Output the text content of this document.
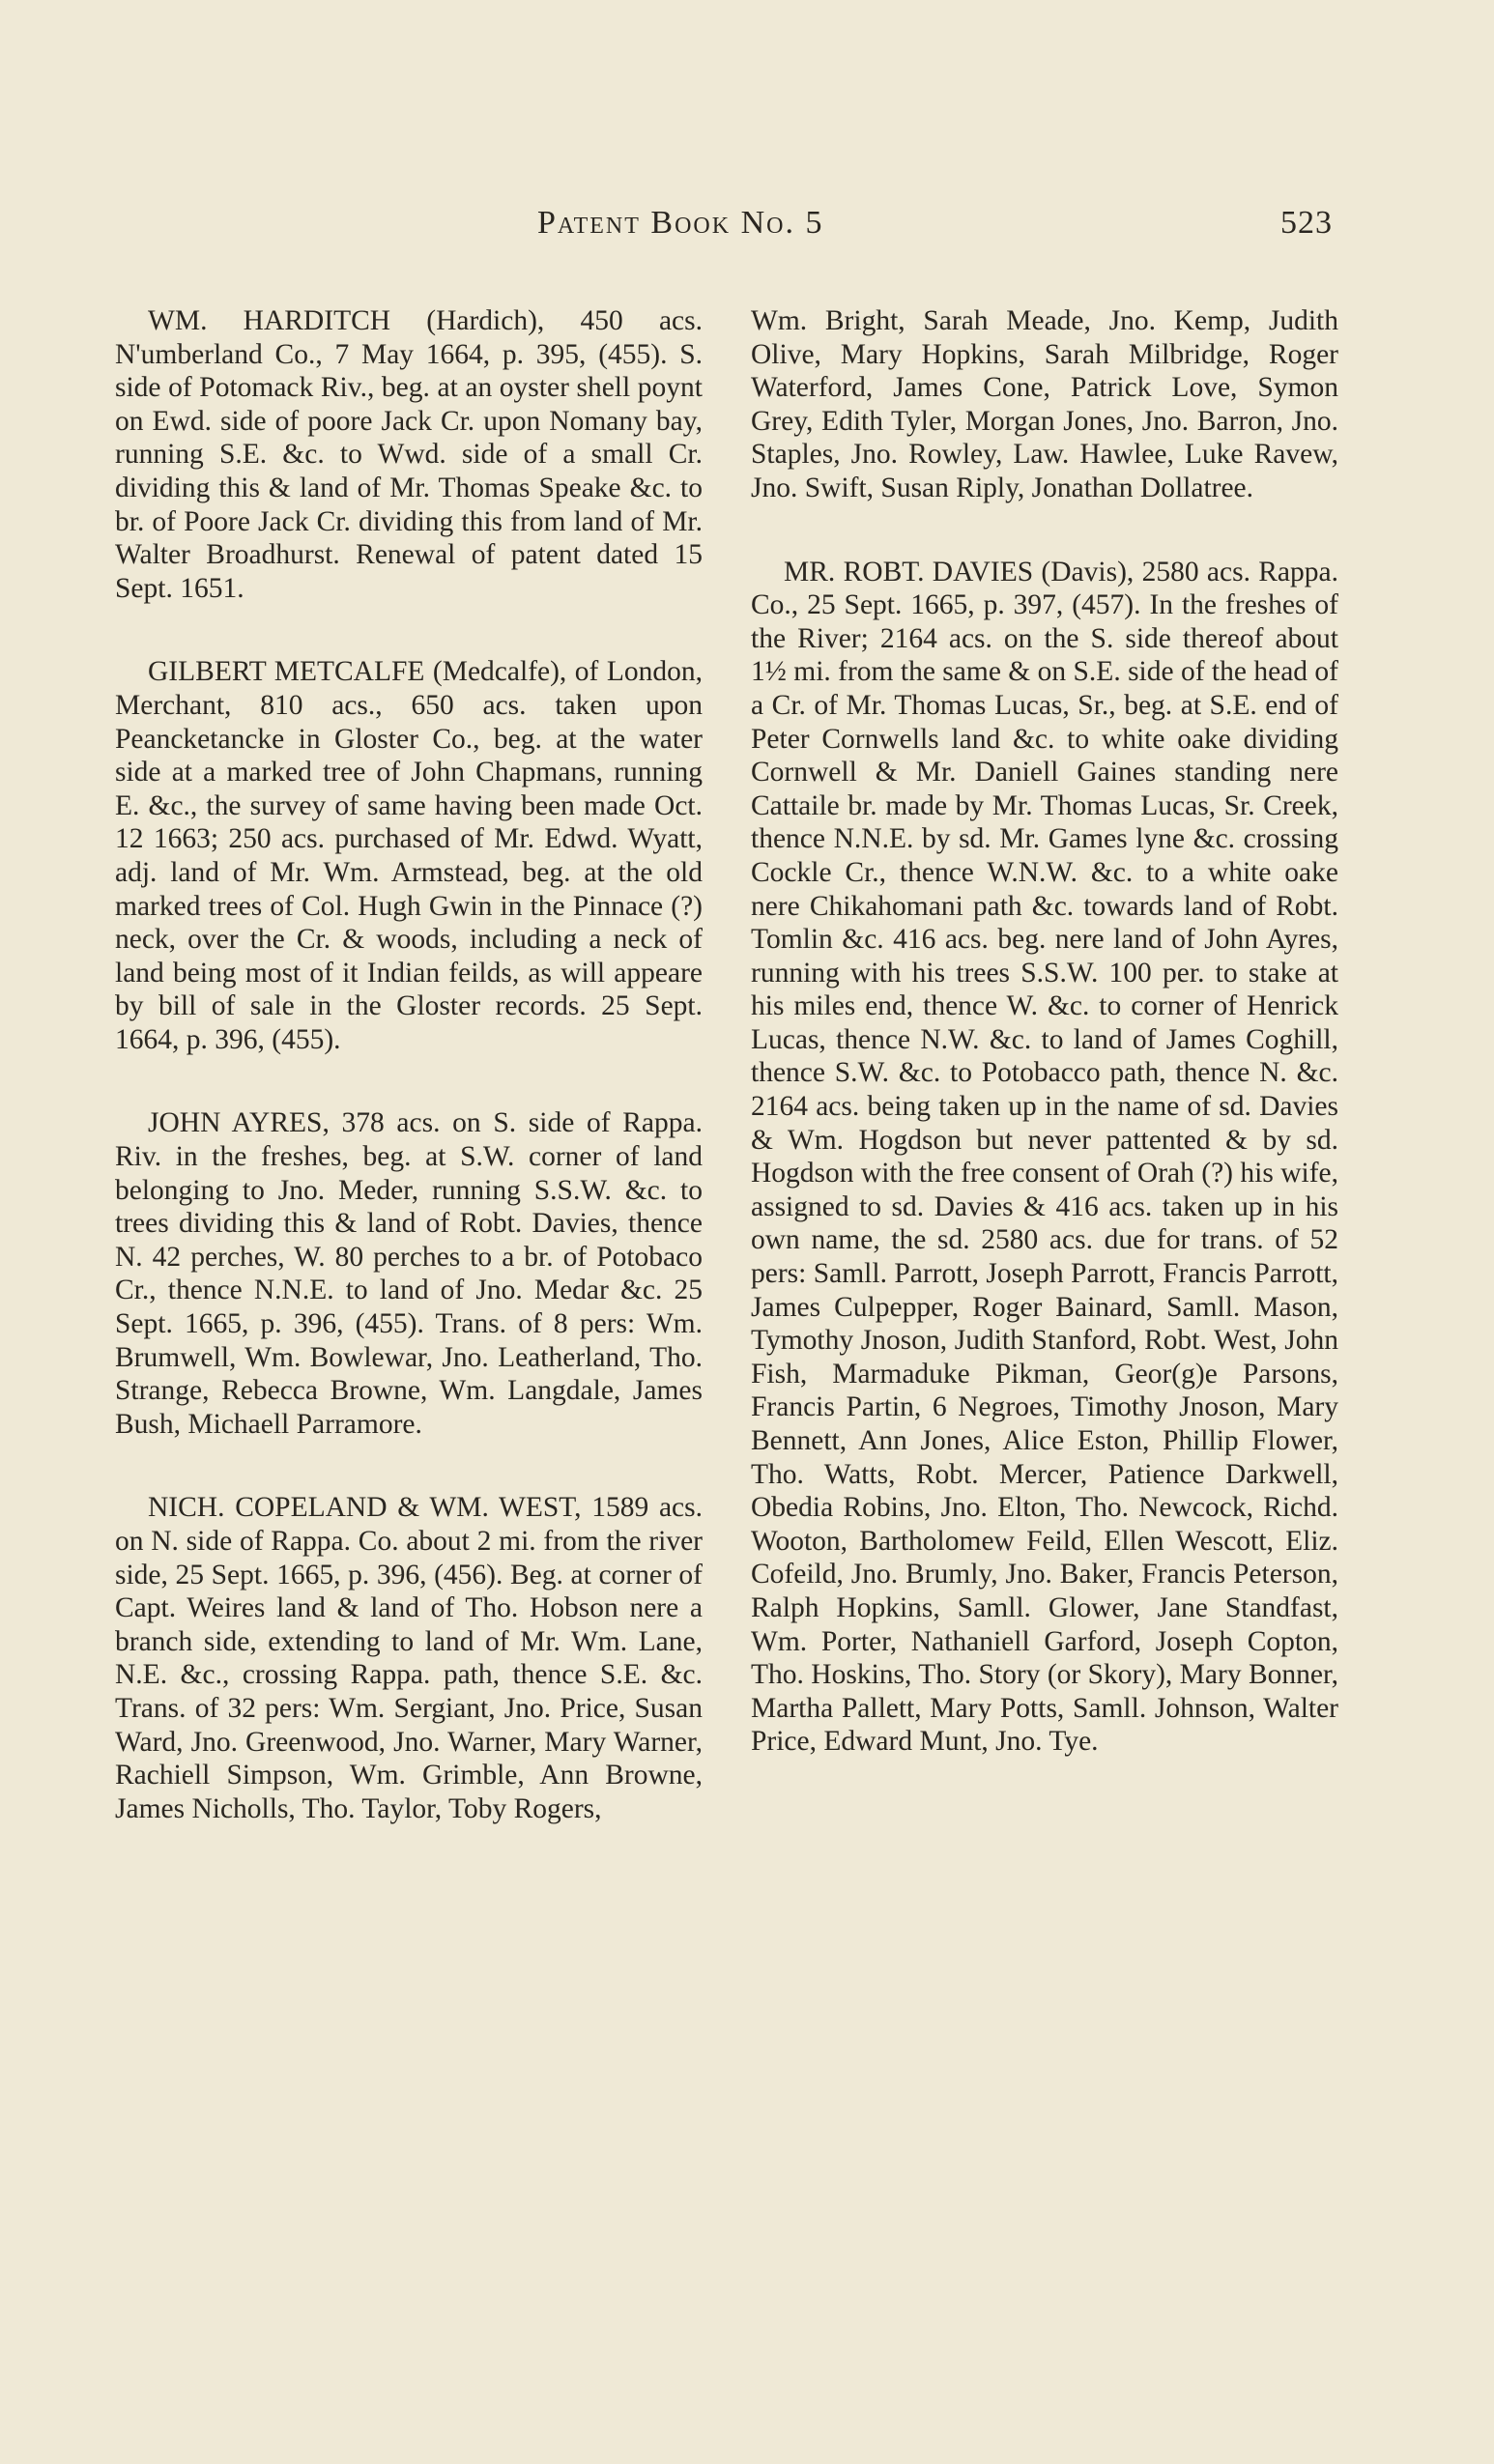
Patent Book No. 5	523

WM. HARDITCH (Hardich), 450 acs. N'umberland Co., 7 May 1664, p. 395, (455). S. side of Potomack Riv., beg. at an oyster shell poynt on Ewd. side of poore Jack Cr. upon Nomany bay, running S.E. &c. to Wwd. side of a small Cr. dividing this & land of Mr. Thomas Speake &c. to br. of Poore Jack Cr. dividing this from land of Mr. Walter Broadhurst. Renewal of patent dated 15 Sept. 1651.

GILBERT METCALFE (Medcalfe), of London, Merchant, 810 acs., 650 acs. taken upon Peancketancke in Gloster Co., beg. at the water side at a marked tree of John Chapmans, running E. &c., the survey of same having been made Oct. 12 1663; 250 acs. purchased of Mr. Edwd. Wyatt, adj. land of Mr. Wm. Armstead, beg. at the old marked trees of Col. Hugh Gwin in the Pinnace (?) neck, over the Cr. & woods, including a neck of land being most of it Indian feilds, as will appeare by bill of sale in the Gloster records. 25 Sept. 1664, p. 396, (455).

JOHN AYRES, 378 acs. on S. side of Rappa. Riv. in the freshes, beg. at S.W. corner of land belonging to Jno. Meder, running S.S.W. &c. to trees dividing this & land of Robt. Davies, thence N. 42 perches, W. 80 perches to a br. of Potobaco Cr., thence N.N.E. to land of Jno. Medar &c. 25 Sept. 1665, p. 396, (455). Trans. of 8 pers: Wm. Brumwell, Wm. Bowlewar, Jno. Leatherland, Tho. Strange, Rebecca Browne, Wm. Langdale, James Bush, Michaell Parramore.

NICH. COPELAND & WM. WEST, 1589 acs. on N. side of Rappa. Co. about 2 mi. from the river side, 25 Sept. 1665, p. 396, (456). Beg. at corner of Capt. Weires land & land of Tho. Hobson nere a branch side, extending to land of Mr. Wm. Lane, N.E. &c., crossing Rappa. path, thence S.E. &c. Trans. of 32 pers: Wm. Sergiant, Jno. Price, Susan Ward, Jno. Greenwood, Jno. Warner, Mary Warner, Rachiell Simpson, Wm. Grimble, Ann Browne, James Nicholls, Tho. Taylor, Toby Rogers,

Wm. Bright, Sarah Meade, Jno. Kemp, Judith Olive, Mary Hopkins, Sarah Milbridge, Roger Waterford, James Cone, Patrick Love, Symon Grey, Edith Tyler, Morgan Jones, Jno. Barron, Jno. Staples, Jno. Rowley, Law. Hawlee, Luke Ravew, Jno. Swift, Susan Riply, Jonathan Dollatree.

MR. ROBT. DAVIES (Davis), 2580 acs. Rappa. Co., 25 Sept. 1665, p. 397, (457). In the freshes of the River; 2164 acs. on the S. side thereof about 1½ mi. from the same & on S.E. side of the head of a Cr. of Mr. Thomas Lucas, Sr., beg. at S.E. end of Peter Cornwells land &c. to white oake dividing Cornwell & Mr. Daniell Gaines standing nere Cattaile br. made by Mr. Thomas Lucas, Sr. Creek, thence N.N.E. by sd. Mr. Games lyne &c. crossing Cockle Cr., thence W.N.W. &c. to a white oake nere Chikahomani path &c. towards land of Robt. Tomlin &c. 416 acs. beg. nere land of John Ayres, running with his trees S.S.W. 100 per. to stake at his miles end, thence W. &c. to corner of Henrick Lucas, thence N.W. &c. to land of James Coghill, thence S.W. &c. to Potobacco path, thence N. &c. 2164 acs. being taken up in the name of sd. Davies & Wm. Hogdson but never pattented & by sd. Hogdson with the free consent of Orah (?) his wife, assigned to sd. Davies & 416 acs. taken up in his own name, the sd. 2580 acs. due for trans. of 52 pers: Samll. Parrott, Joseph Parrott, Francis Parrott, James Culpepper, Roger Bainard, Samll. Mason, Tymothy Jnoson, Judith Stanford, Robt. West, John Fish, Marmaduke Pikman, Geor(g)e Parsons, Francis Partin, 6 Negroes, Timothy Jnoson, Mary Bennett, Ann Jones, Alice Eston, Phillip Flower, Tho. Watts, Robt. Mercer, Patience Darkwell, Obedia Robins, Jno. Elton, Tho. Newcock, Richd. Wooton, Bartholomew Feild, Ellen Wescott, Eliz. Cofeild, Jno. Brumly, Jno. Baker, Francis Peterson, Ralph Hopkins, Samll. Glower, Jane Standfast, Wm. Porter, Nathaniell Garford, Joseph Copton, Tho. Hoskins, Tho. Story (or Skory), Mary Bonner, Martha Pallett, Mary Potts, Samll. Johnson, Walter Price, Edward Munt, Jno. Tye.
